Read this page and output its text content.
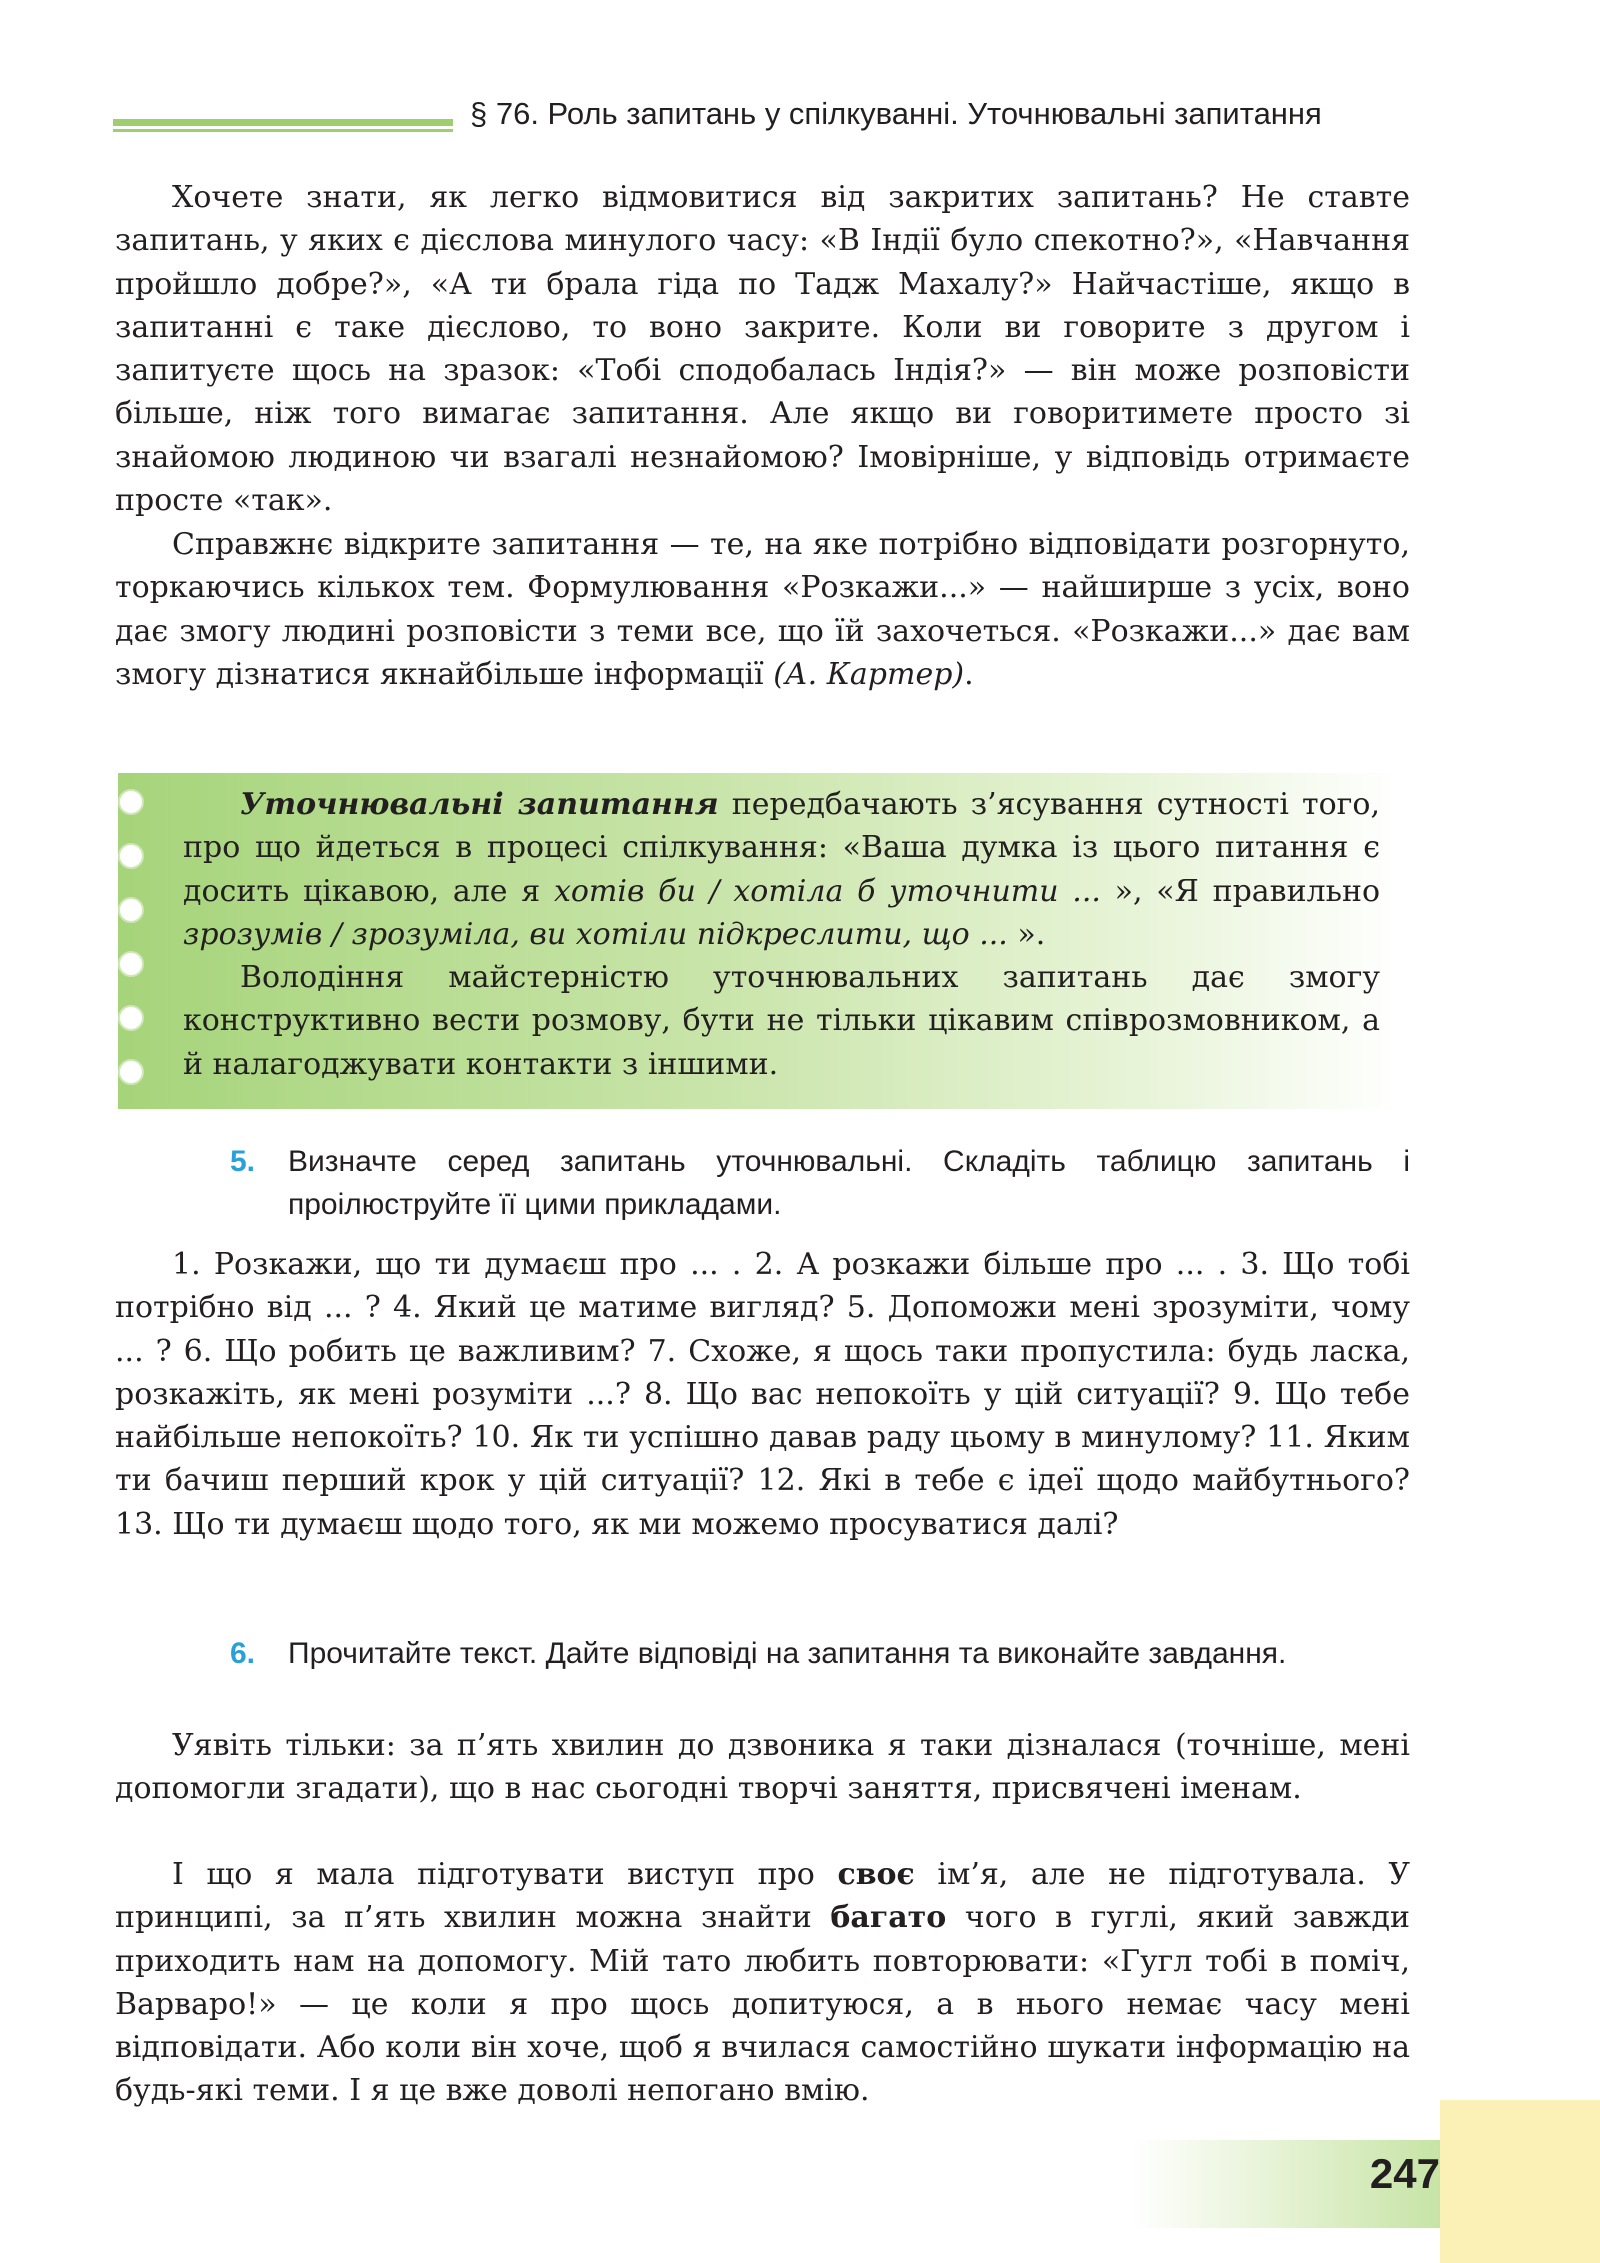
§ 76. Роль запитань у спілкуванні. Уточнювальні запитання

Хочете знати, як легко відмовитися від закритих запитань? Не ставте запитань, у яких є дієслова минулого часу: «В Індії було спекотно?», «Навчання пройшло добре?», «А ти брала гіда по Тадж Махалу?» Найчастіше, якщо в запитанні є таке дієслово, то воно закрите. Коли ви говорите з другом і запитуєте щось на зразок: «Тобі сподобалась Індія?» — він може розповісти більше, ніж того вимагає запитання. Але якщо ви говоритимете просто зі знайомою людиною чи взагалі незнайомою? Імовірніше, у відповідь отримаєте просте «так».

Справжнє відкрите запитання — те, на яке потрібно відповідати розгорнуто, торкаючись кількох тем. Формулювання «Розкажи...» — найширше з усіх, воно дає змогу людині розповісти з теми все, що їй захочеться. «Розкажи...» дає вам змогу дізнатися якнайбільше інформації (А. Картер).

Уточнювальні запитання передбачають з’ясування сутності того, про що йдеться в процесі спілкування: «Ваша думка із цього питання є досить цікавою, але я хотів би / хотіла б уточнити ... », «Я правильно зрозумів / зрозуміла, ви хотіли підкреслити, що ... ».

Володіння майстерністю уточнювальних запитань дає змогу конструктивно вести розмову, бути не тільки цікавим співрозмовником, а й налагоджувати контакти з іншими.

5.	Визначте серед запитань уточнювальні. Складіть таблицю запитань і проілюструйте її цими прикладами.

1. Розкажи, що ти думаєш про ... . 2. А розкажи більше про ... . 3. Що тобі потрібно від ... ? 4. Який це матиме вигляд? 5. Допоможи мені зрозуміти, чому ... ? 6. Що робить це важливим? 7. Схоже, я щось таки пропустила: будь ласка, розкажіть, як мені розуміти ...? 8. Що вас непокоїть у цій ситуації? 9. Що тебе найбільше непокоїть? 10. Як ти успішно давав раду цьому в минулому? 11. Яким ти бачиш перший крок у цій ситуації? 12. Які в тебе є ідеї щодо майбутнього? 13. Що ти думаєш щодо того, як ми можемо просуватися далі?

6.	Прочитайте текст. Дайте відповіді на запитання та виконайте завдання.

Уявіть тільки: за п’ять хвилин до дзвоника я таки дізналася (точніше, мені допомогли згадати), що в нас сьогодні творчі заняття, присвячені іменам.

І що я мала підготувати виступ про своє ім’я, але не підготувала. У принципі, за п’ять хвилин можна знайти багато чого в гуглі, який завжди приходить нам на допомогу. Мій тато любить повторювати: «Гугл тобі в поміч, Варваро!» — це коли я про щось допитуюся, а в нього немає часу мені відповідати. Або коли він хоче, щоб я вчилася самостійно шукати інформацію на будь-які теми. І я це вже доволі непогано вмію.

247
